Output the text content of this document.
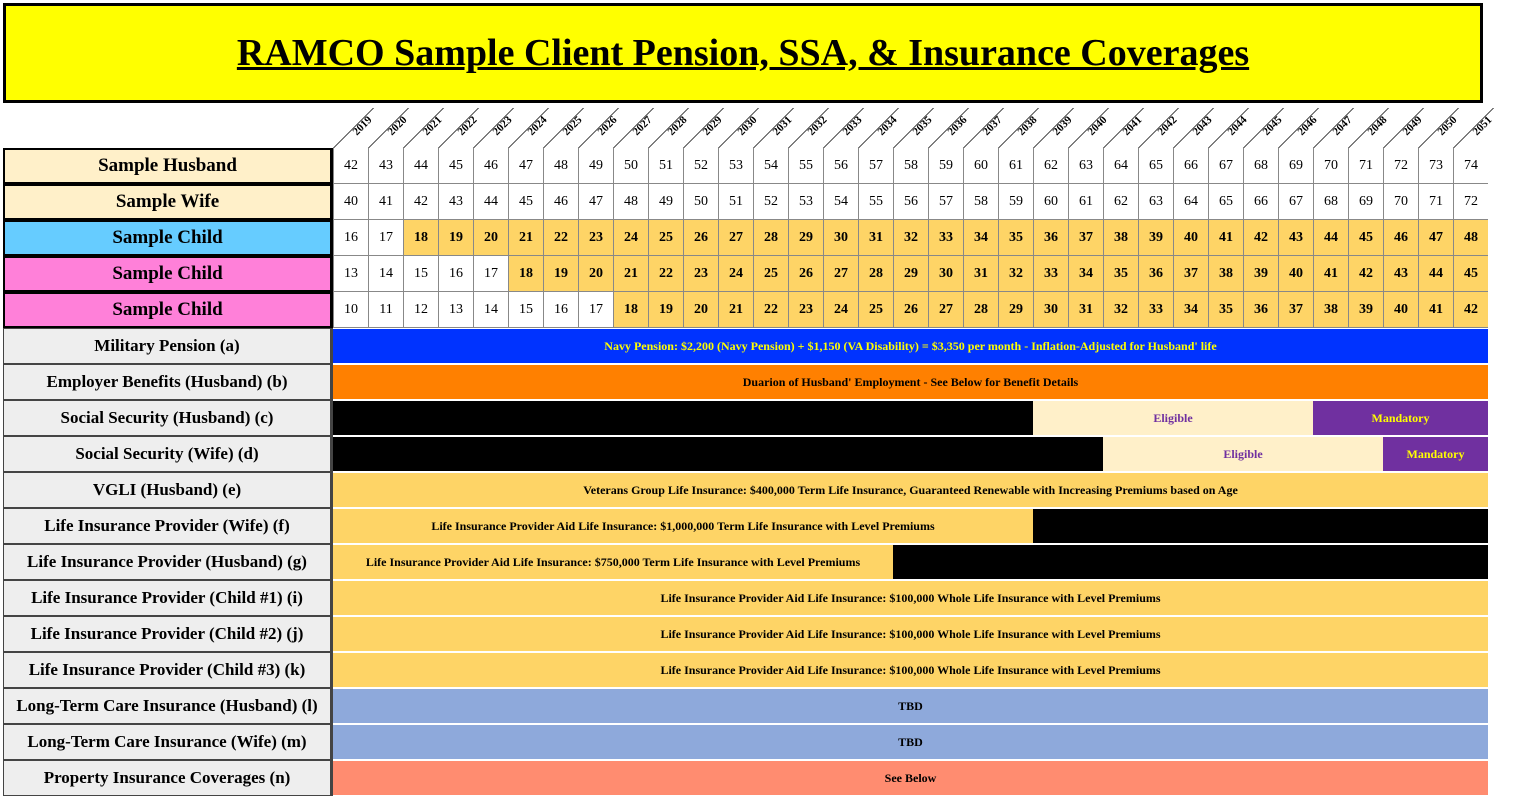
RAMCO Sample Client Pension, SSA, & Insurance Coverages
2019 2020 2021 2022 2023 2024 2025 2026 2027 2028 2029 2030 2031 2032 2033 2034 2035 2036 2037 2038 2039 2040 2041 2042 2043 2044 2045 2046 2047 2048 2049 2050 2051
Sample Husband	42	43	44	45	46	47	48	49	50	51	52	53	54	55	56	57	58	59	60	61	62	63	64	65	66	67	68	69	70	71	72	73	74
Sample Wife	40	41	42	43	44	45	46	47	48	49	50	51	52	53	54	55	56	57	58	59	60	61	62	63	64	65	66	67	68	69	70	71	72
Sample Child	16	17	18	19	20	21	22	23	24	25	26	27	28	29	30	31	32	33	34	35	36	37	38	39	40	41	42	43	44	45	46	47	48
Sample Child	13	14	15	16	17	18	19	20	21	22	23	24	25	26	27	28	29	30	31	32	33	34	35	36	37	38	39	40	41	42	43	44	45
Sample Child	10	11	12	13	14	15	16	17	18	19	20	21	22	23	24	25	26	27	28	29	30	31	32	33	34	35	36	37	38	39	40	41	42
Military Pension (a)	Navy Pension: $2,200 (Navy Pension) + $1,150 (VA Disability) = $3,350 per month - Inflation-Adjusted for Husband' life
Employer Benefits (Husband) (b)	Duarion of Husband' Employment - See Below for Benefit Details
Social Security (Husband) (c)	Eligible	Mandatory
Social Security (Wife) (d)	Eligible	Mandatory
VGLI (Husband) (e)	Veterans Group Life Insurance: $400,000 Term Life Insurance, Guaranteed Renewable with Increasing Premiums based on Age
Life Insurance Provider (Wife) (f)	Life Insurance Provider Aid Life Insurance: $1,000,000 Term Life Insurance with Level Premiums
Life Insurance Provider (Husband) (g)	Life Insurance Provider Aid Life Insurance: $750,000 Term Life Insurance with Level Premiums
Life Insurance Provider (Child #1) (i)	Life Insurance Provider Aid Life Insurance: $100,000 Whole Life Insurance with Level Premiums
Life Insurance Provider (Child #2) (j)	Life Insurance Provider Aid Life Insurance: $100,000 Whole Life Insurance with Level Premiums
Life Insurance Provider (Child #3) (k)	Life Insurance Provider Aid Life Insurance: $100,000 Whole Life Insurance with Level Premiums
Long-Term Care Insurance (Husband) (l)	TBD
Long-Term Care Insurance (Wife) (m)	TBD
Property Insurance Coverages (n)	See Below
